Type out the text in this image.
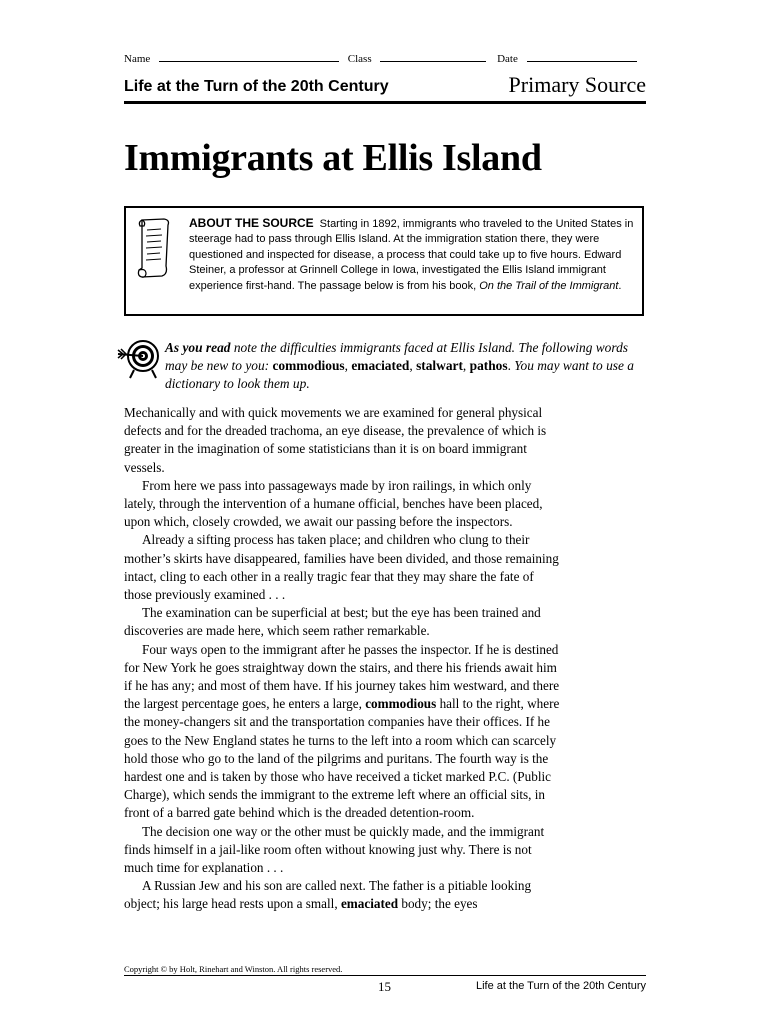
Name	Class	Date
Life at the Turn of the 20th Century	Primary Source
Immigrants at Ellis Island
ABOUT THE SOURCE Starting in 1892, immigrants who traveled to the United States in steerage had to pass through Ellis Island. At the immigration station there, they were questioned and inspected for disease, a process that could take up to five hours. Edward Steiner, a professor at Grinnell College in Iowa, investigated the Ellis Island immigrant experience first-hand. The passage below is from his book, On the Trail of the Immigrant.
As you read note the difficulties immigrants faced at Ellis Island. The following words may be new to you: commodious, emaciated, stalwart, pathos. You may want to use a dictionary to look them up.

Mechanically and with quick movements we are examined for general physical defects and for the dreaded trachoma, an eye disease, the prevalence of which is greater in the imagination of some statisticians than it is on board immigrant vessels.

From here we pass into passageways made by iron railings, in which only lately, through the intervention of a humane official, benches have been placed, upon which, closely crowded, we await our passing before the inspectors.

Already a sifting process has taken place; and children who clung to their mother’s skirts have disappeared, families have been divided, and those remaining intact, cling to each other in a really tragic fear that they may share the fate of those previously examined . . .

The examination can be superficial at best; but the eye has been trained and discoveries are made here, which seem rather remarkable.

Four ways open to the immigrant after he passes the inspector. If he is destined for New York he goes straightway down the stairs, and there his friends await him if he has any; and most of them have. If his journey takes him westward, and there the largest percentage goes, he enters a large, commodious hall to the right, where the money-changers sit and the transportation companies have their offices. If he goes to the New England states he turns to the left into a room which can scarcely hold those who go to the land of the pilgrims and puritans. The fourth way is the hardest one and is taken by those who have received a ticket marked P.C. (Public Charge), which sends the immigrant to the extreme left where an official sits, in front of a barred gate behind which is the dreaded detention-room.

The decision one way or the other must be quickly made, and the immigrant finds himself in a jail-like room often without knowing just why. There is not much time for explanation . . .

A Russian Jew and his son are called next. The father is a pitiable looking object; his large head rests upon a small, emaciated body; the eyes

Copyright © by Holt, Rinehart and Winston. All rights reserved.
15	Life at the Turn of the 20th Century
